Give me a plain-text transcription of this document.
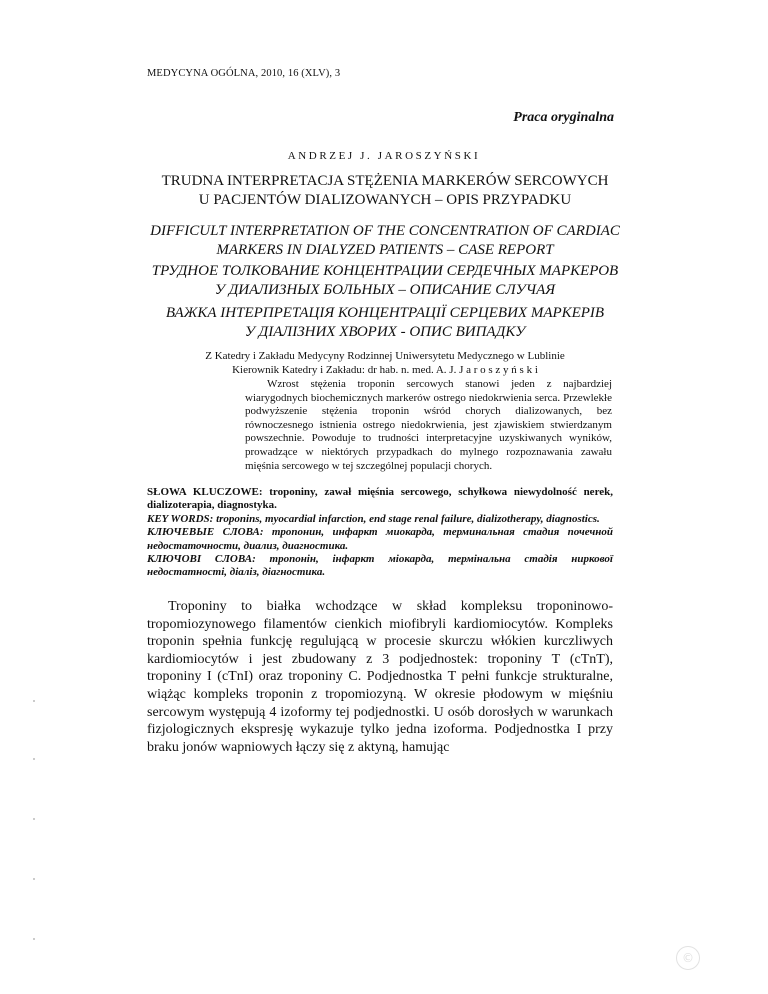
MEDYCYNA OGÓLNA, 2010, 16 (XLV), 3
Praca oryginalna
ANDRZEJ J. JAROSZYŃSKI
TRUDNA INTERPRETACJA STĘŻENIA MARKERÓW SERCOWYCH
U PACJENTÓW DIALIZOWANYCH – OPIS PRZYPADKU
DIFFICULT INTERPRETATION OF THE CONCENTRATION OF CARDIAC
MARKERS IN DIALYZED PATIENTS – CASE REPORT
ТРУДНОЕ ТОЛКОВАНИЕ КОНЦЕНТРАЦИИ СЕРДЕЧНЫХ МАРКЕРОВ
У ДИАЛИЗНЫХ БОЛЬНЫХ – ОПИСАНИЕ СЛУЧАЯ
ВАЖКА ІНТЕРПРЕТАЦІЯ КОНЦЕНТРАЦІЇ СЕРЦЕВИХ МАРКЕРІВ
У ДІАЛІЗНИХ ХВОРИХ - ОПИС ВИПАДКУ
Z Katedry i Zakładu Medycyny Rodzinnej Uniwersytetu Medycznego w Lublinie
Kierownik Katedry i Zakładu: dr hab. n. med. A. J. J a r o s z y ń s k i

Wzrost stężenia troponin sercowych stanowi jeden z najbardziej wiarygodnych biochemicznych markerów ostrego niedokrwienia serca. Przewlekłe podwyższenie stężenia troponin wśród chorych dializowanych, bez równoczesnego istnienia ostrego niedokrwienia, jest zjawiskiem stwierdzanym powszechnie. Powoduje to trudności interpretacyjne uzyskiwanych wyników, prowadzące w niektórych przypadkach do mylnego rozpoznawania zawału mięśnia sercowego w tej szczególnej populacji chorych.

SŁOWA KLUCZOWE: troponiny, zawał mięśnia sercowego, schyłkowa niewydolność nerek, dializoterapia, diagnostyka.
KEY WORDS: troponins, myocardial infarction, end stage renal failure, dializotherapy, diagnostics.
КЛЮЧЕВЫЕ СЛОВА: тропонин, инфаркт миокарда, терминальная стадия почечной недостаточности, диализ, диагностика.
КЛЮЧОВІ СЛОВА: тропонін, інфаркт міокарда, термінальна стадія ниркової недостатності, діаліз, діагностика.

Troponiny to białka wchodzące w skład kompleksu troponinowo-tropomiozynowego filamentów cienkich miofibryli kardiomiocytów. Kompleks troponin spełnia funkcję regulującą w procesie skurczu włókien kurczliwych kardiomiocytów i jest zbudowany z 3 podjednostek: troponiny T (cTnT), troponiny I (cTnI) oraz troponiny C. Podjednostka T pełni funkcje strukturalne, wiążąc kompleks troponin z tropomiozyną. W okresie płodowym w mięśniu sercowym występują 4 izoformy tej podjednostki. U osób dorosłych w warunkach fizjologicznych ekspresję wykazuje tylko jedna izoforma. Podjednostka I przy braku jonów wapniowych łączy się z aktyną, hamując

©
